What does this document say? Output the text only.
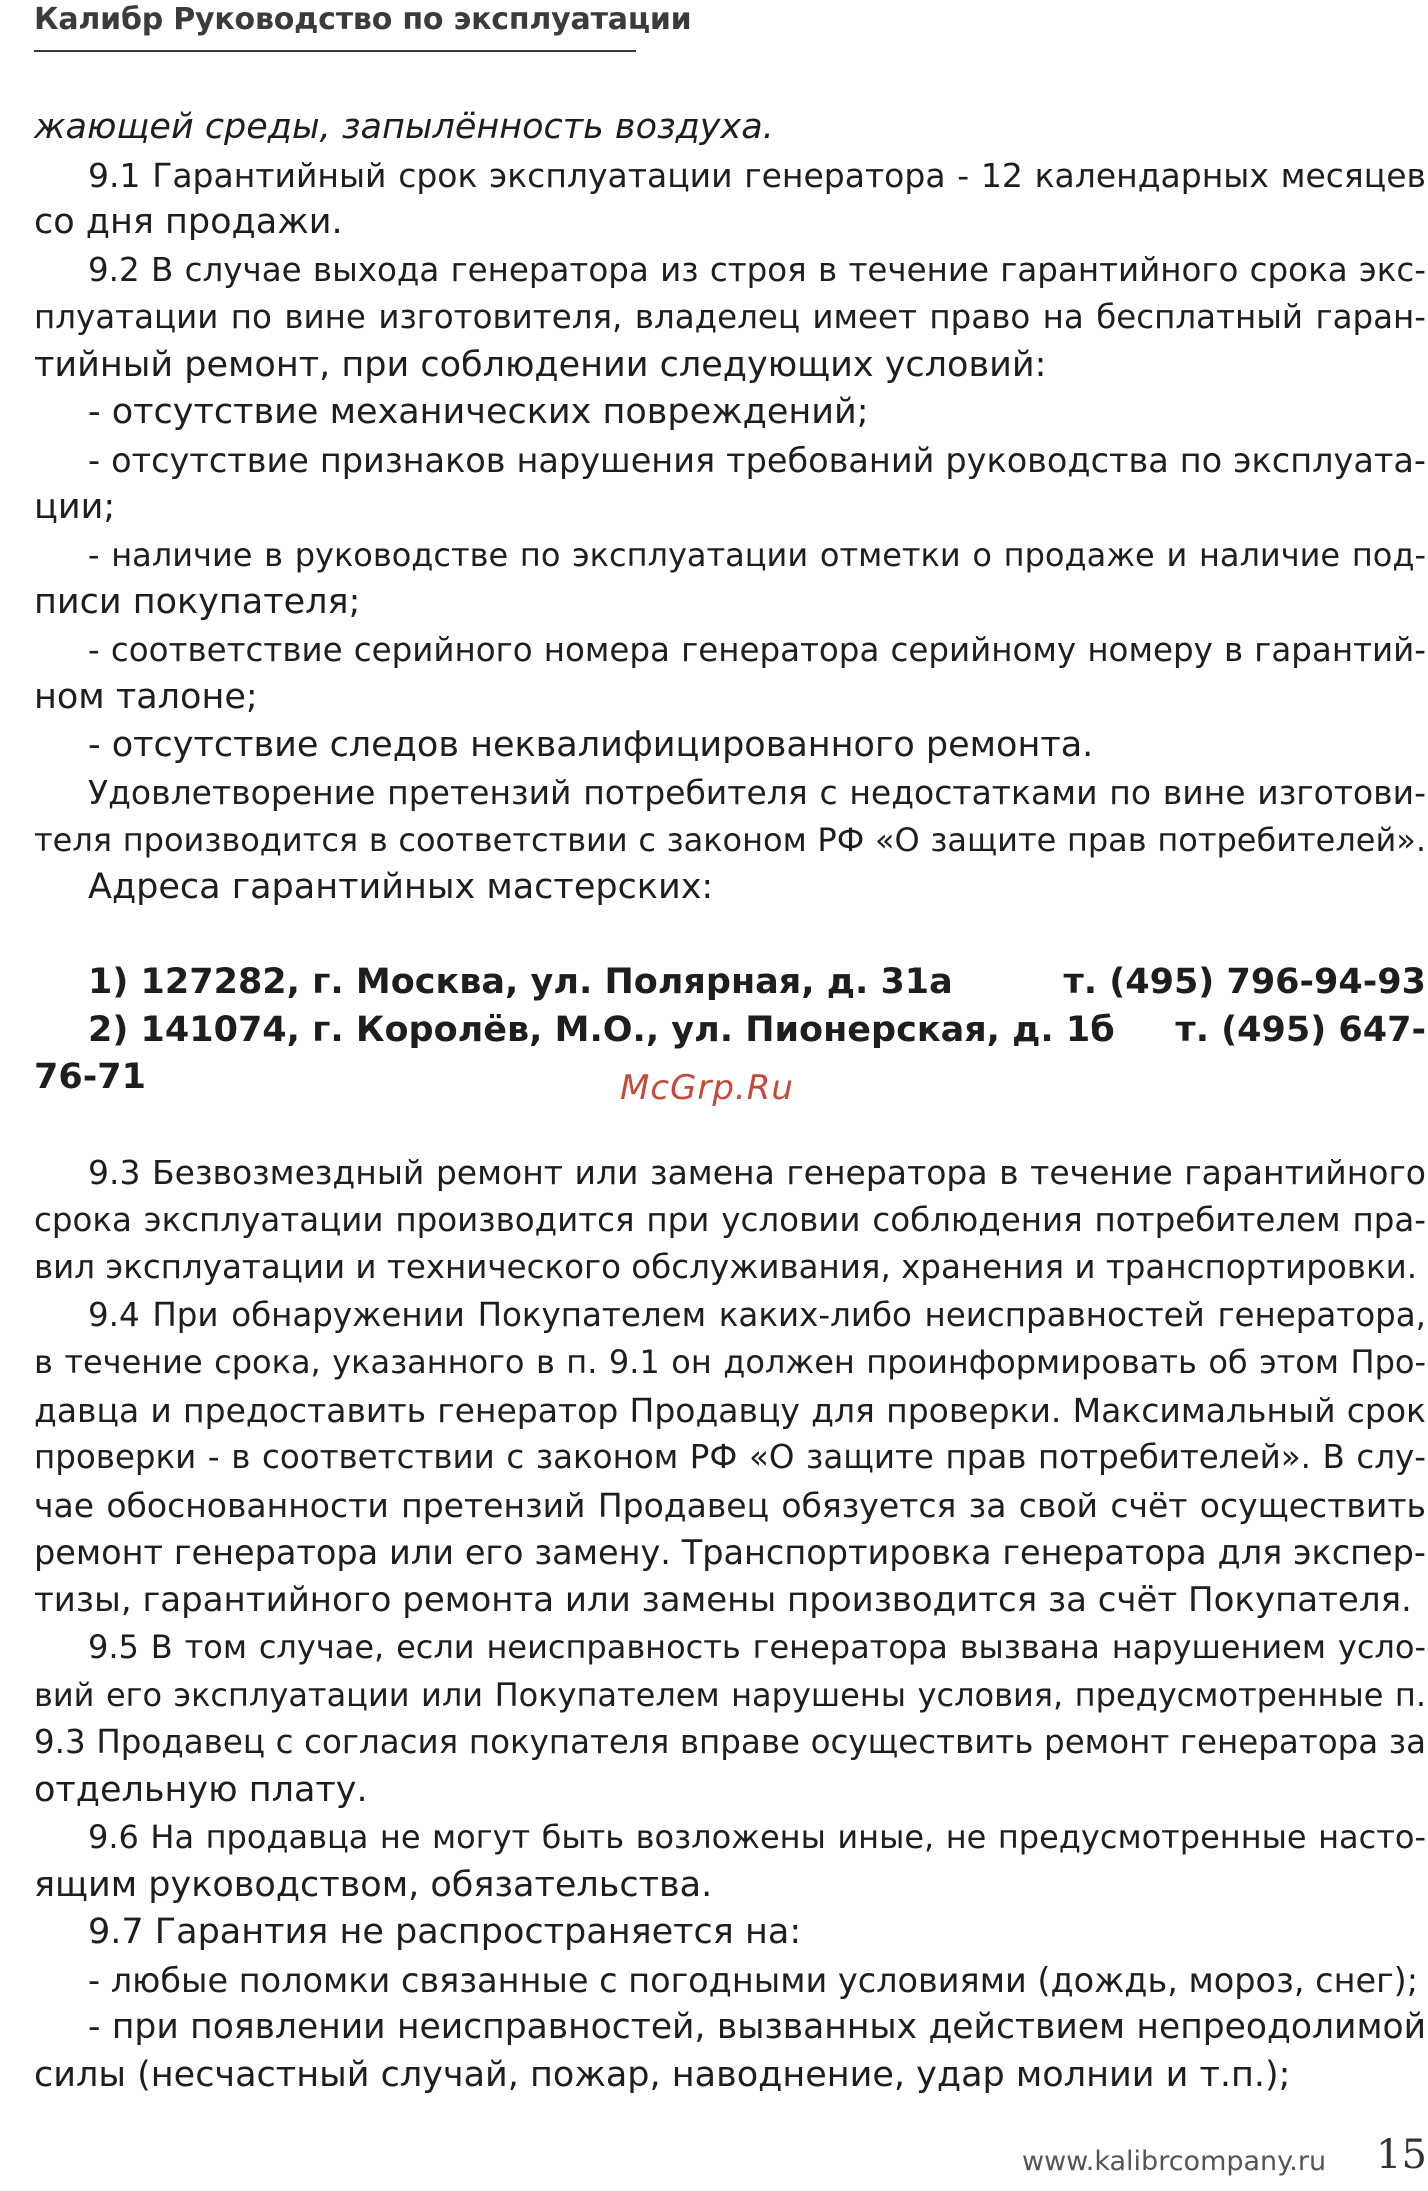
Калибр Руководство по эксплуатации
жающей среды, запылённость воздуха.
9.1 Гарантийный срок эксплуатации генератора - 12 календарных месяцев
со дня продажи.
9.2 В случае выхода генератора из строя в течение гарантийного срока экс-
плуатации по вине изготовителя, владелец имеет право на бесплатный гаран-
тийный ремонт, при соблюдении следующих условий:
- отсутствие механических повреждений;
- отсутствие признаков нарушения требований руководства по эксплуата-
ции;
- наличие в руководстве по эксплуатации отметки о продаже и наличие под-
писи покупателя;
- соответствие серийного номера генератора серийному номеру в гарантий-
ном талоне;
- отсутствие следов неквалифицированного ремонта.
Удовлетворение претензий потребителя с недостатками по вине изготови-
теля производится в соответствии с законом РФ «О защите прав потребителей».
Адреса гарантийных мастерских:
1) 127282, г. Москва, ул. Полярная, д. 31а	т. (495) 796-94-93
2) 141074, г. Королёв, М.О., ул. Пионерская, д. 1б т. (495) 647-
76-71
9.3 Безвозмездный ремонт или замена генератора в течение гарантийного
срока эксплуатации производится при условии соблюдения потребителем пра-
вил эксплуатации и технического обслуживания, хранения и транспортировки.
9.4 При обнаружении Покупателем каких-либо неисправностей генератора,
в течение срока, указанного в п. 9.1 он должен проинформировать об этом Про-
давца и предоставить генератор Продавцу для проверки. Максимальный срок
проверки - в соответствии с законом РФ «О защите прав потребителей». В слу-
чае обоснованности претензий Продавец обязуется за свой счёт осуществить
ремонт генератора или его замену. Транспортировка генератора для экспер-
тизы, гарантийного ремонта или замены производится за счёт Покупателя.
9.5 В том случае, если неисправность генератора вызвана нарушением усло-
вий его эксплуатации или Покупателем нарушены условия, предусмотренные п.
9.3 Продавец с согласия покупателя вправе осуществить ремонт генератора за
отдельную плату.
9.6 На продавца не могут быть возложены иные, не предусмотренные насто-
ящим руководством, обязательства.
9.7 Гарантия не распространяется на:
- любые поломки связанные с погодными условиями (дождь, мороз, снег);
- при появлении неисправностей, вызванных действием непреодолимой
силы (несчастный случай, пожар, наводнение, удар молнии и т.п.);
McGrp.Ru
www.kalibrcompany.ru 15
